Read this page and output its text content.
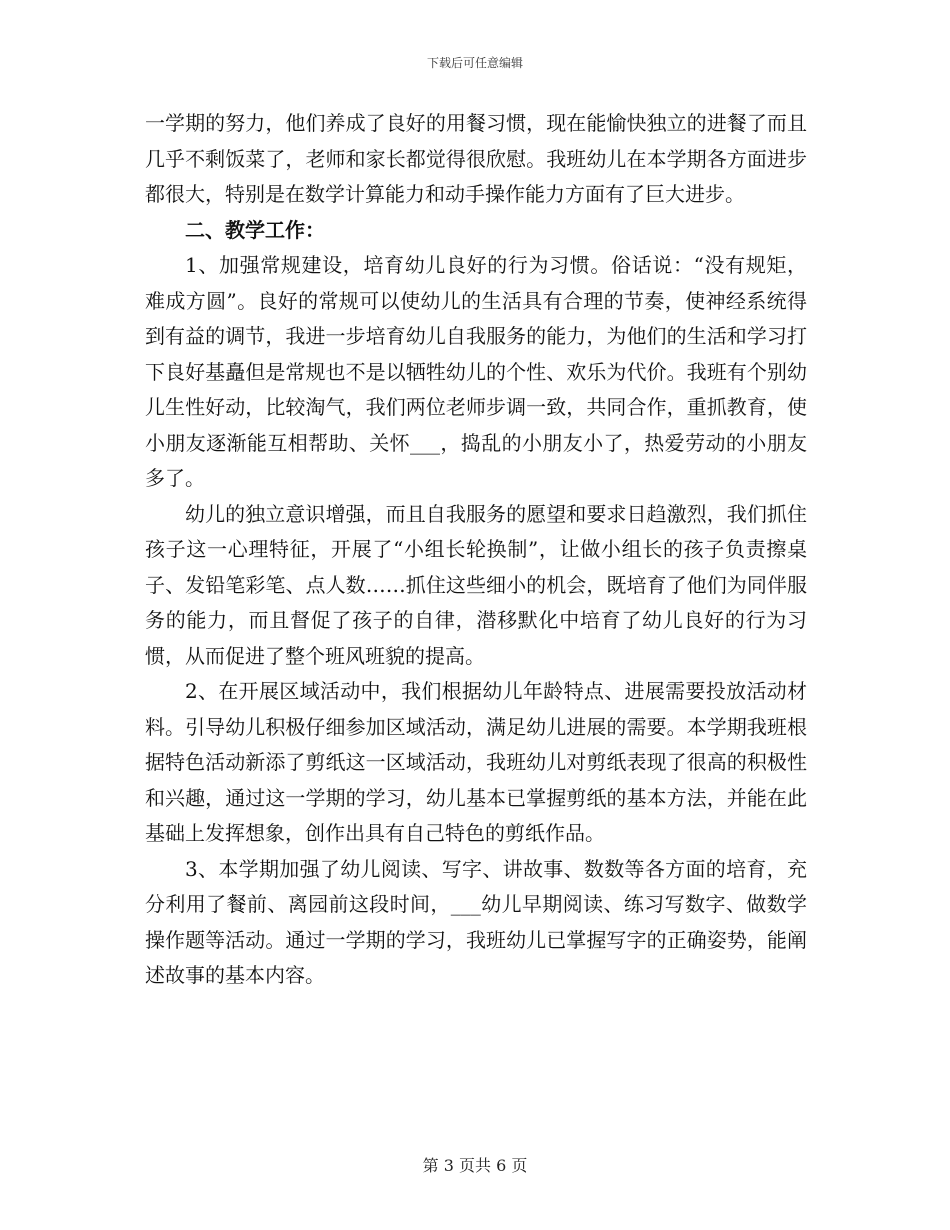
下载后可任意编辑

一学期的努力，他们养成了良好的用餐习惯，现在能愉快独立的进餐了而且几乎不剩饭菜了，老师和家长都觉得很欣慰。我班幼儿在本学期各方面进步都很大，特别是在数学计算能力和动手操作能力方面有了巨大进步。

二、教学工作：

1、加强常规建设，培育幼儿良好的行为习惯。俗话说：“没有规矩，难成方圆”。良好的常规可以使幼儿的生活具有合理的节奏，使神经系统得到有益的调节，我进一步培育幼儿自我服务的能力，为他们的生活和学习打下良好基矗但是常规也不是以牺牲幼儿的个性、欢乐为代价。我班有个别幼儿生性好动，比较淘气，我们两位老师步调一致，共同合作，重抓教育，使小朋友逐渐能互相帮助、关怀___，捣乱的小朋友小了，热爱劳动的小朋友多了。

幼儿的独立意识增强，而且自我服务的愿望和要求日趋激烈，我们抓住孩子这一心理特征，开展了“小组长轮换制”，让做小组长的孩子负责擦桌子、发铅笔彩笔、点人数……抓住这些细小的机会，既培育了他们为同伴服务的能力，而且督促了孩子的自律，潜移默化中培育了幼儿良好的行为习惯，从而促进了整个班风班貌的提高。

2、在开展区域活动中，我们根据幼儿年龄特点、进展需要投放活动材料。引导幼儿积极仔细参加区域活动，满足幼儿进展的需要。本学期我班根据特色活动新添了剪纸这一区域活动，我班幼儿对剪纸表现了很高的积极性和兴趣，通过这一学期的学习，幼儿基本已掌握剪纸的基本方法，并能在此基础上发挥想象，创作出具有自己特色的剪纸作品。

3、本学期加强了幼儿阅读、写字、讲故事、数数等各方面的培育，充分利用了餐前、离园前这段时间，___幼儿早期阅读、练习写数字、做数学操作题等活动。通过一学期的学习，我班幼儿已掌握写字的正确姿势，能阐述故事的基本内容。

第 3 页共 6 页
